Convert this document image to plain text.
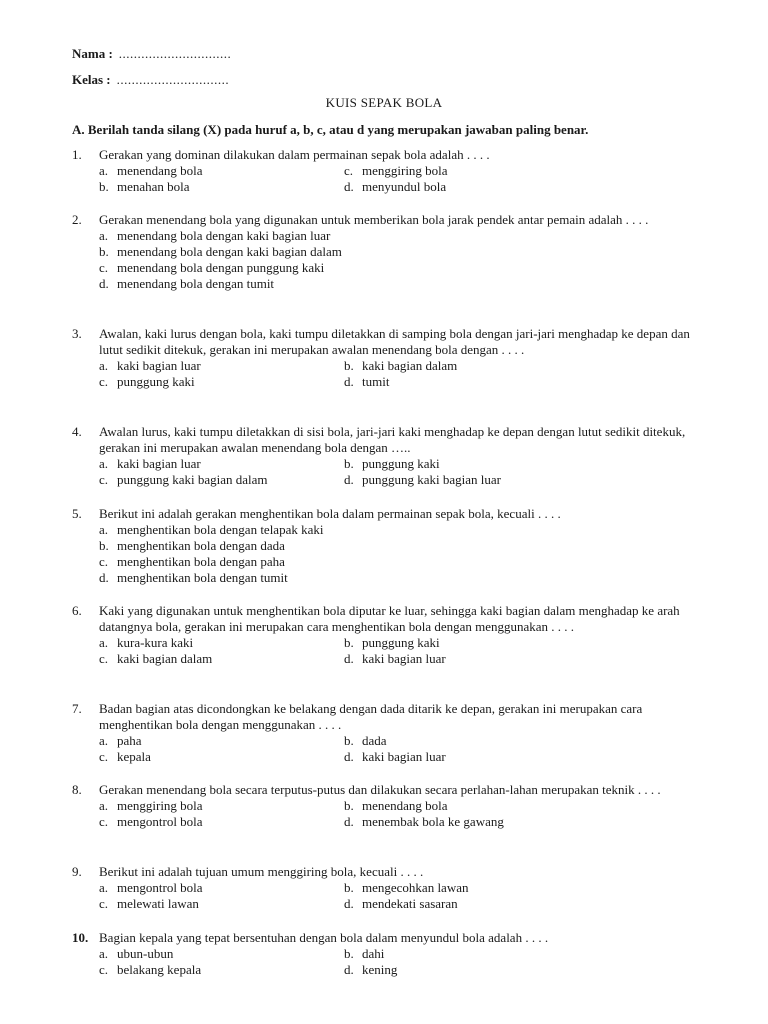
Nama : ..............................
Kelas : ..............................
KUIS SEPAK BOLA
A. Berilah tanda silang (X) pada huruf a, b, c, atau d yang merupakan jawaban paling benar.
1.	Gerakan yang dominan dilakukan dalam permainan sepak bola adalah . . . .
a. menendang bola	c. menggiring bola
b. menahan bola	d. menyundul bola
2.	Gerakan menendang bola yang digunakan untuk memberikan bola jarak pendek antar pemain adalah . . . .
a. menendang bola dengan kaki bagian luar
b. menendang bola dengan kaki bagian dalam
c. menendang bola dengan punggung kaki
d. menendang bola dengan tumit
3.	Awalan, kaki lurus dengan bola, kaki tumpu diletakkan di samping bola dengan jari-jari menghadap ke depan dan lutut sedikit ditekuk, gerakan ini merupakan awalan menendang bola dengan . . . .
a. kaki bagian luar	b. kaki bagian dalam
c. punggung kaki	d. tumit
4.	Awalan lurus, kaki tumpu diletakkan di sisi bola, jari-jari kaki menghadap ke depan dengan lutut sedikit ditekuk, gerakan ini merupakan awalan menendang bola dengan …..
a. kaki bagian luar	b. punggung kaki
c. punggung kaki bagian dalam	d. punggung kaki bagian luar
5.	Berikut ini adalah gerakan menghentikan bola dalam permainan sepak bola, kecuali . . . .
a. menghentikan bola dengan telapak kaki
b. menghentikan bola dengan dada
c. menghentikan bola dengan paha
d. menghentikan bola dengan tumit
6.	Kaki yang digunakan untuk menghentikan bola diputar ke luar, sehingga kaki bagian dalam menghadap ke arah datangnya bola, gerakan ini merupakan cara menghentikan bola dengan menggunakan . . . .
a. kura-kura kaki	b. punggung kaki
c. kaki bagian dalam	d. kaki bagian luar
7.	Badan bagian atas dicondongkan ke belakang dengan dada ditarik ke depan, gerakan ini merupakan cara menghentikan bola dengan menggunakan . . . .
a. paha	b. dada
c. kepala	d. kaki bagian luar
8.	Gerakan menendang bola secara terputus-putus dan dilakukan secara perlahan-lahan merupakan teknik . . . .
a. menggiring bola	b. menendang bola
c. mengontrol bola	d. menembak bola ke gawang
9.	Berikut ini adalah tujuan umum menggiring bola, kecuali . . . .
a. mengontrol bola	b. mengecohkan lawan
c. melewati lawan	d. mendekati sasaran
10. Bagian kepala yang tepat bersentuhan dengan bola dalam menyundul bola adalah . . . .
a. ubun-ubun	b. dahi
c. belakang kepala	d. kening
